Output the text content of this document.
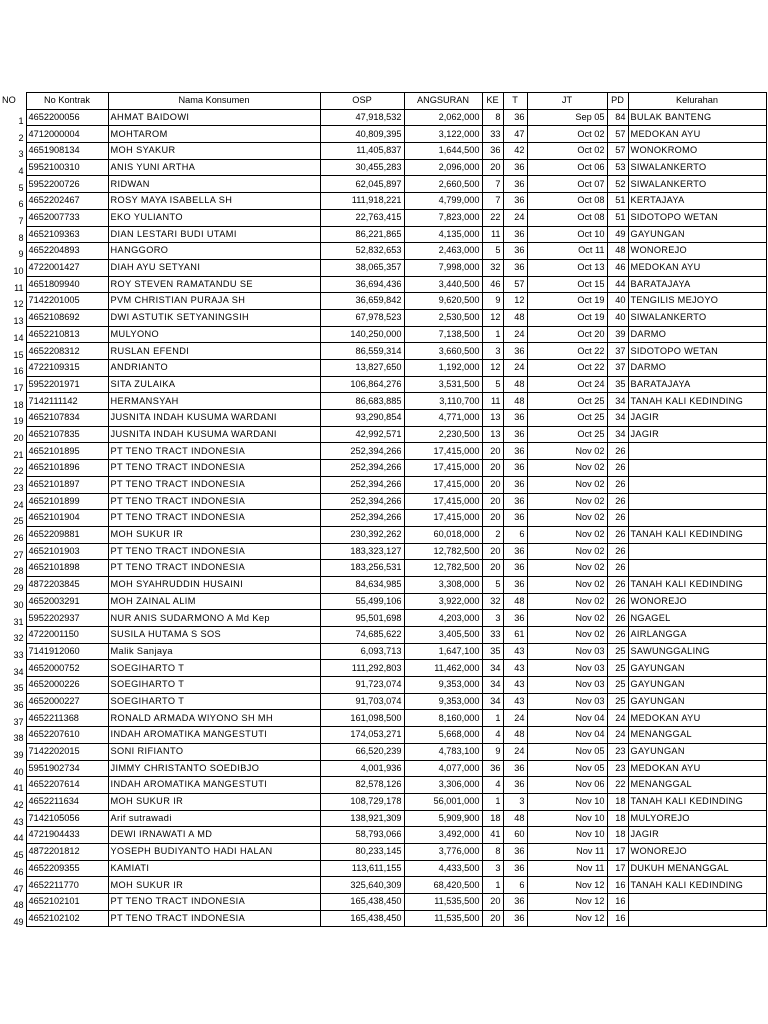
NO	No Kontrak	Nama Konsumen	OSP	ANGSURAN	KE	T	JT	PD	Kelurahan
1	4652200056	AHMAT BAIDOWI	47,918,532	2,062,000	8	36	Sep 05	84	BULAK BANTENG
2	4712000004	MOHTAROM	40,809,395	3,122,000	33	47	Oct 02	57	MEDOKAN AYU
3	4651908134	MOH SYAKUR	11,405,837	1,644,500	36	42	Oct 02	57	WONOKROMO
4	5952100310	ANIS YUNI ARTHA	30,455,283	2,096,000	20	36	Oct 06	53	SIWALANKERTO
5	5952200726	RIDWAN	62,045,897	2,660,500	7	36	Oct 07	52	SIWALANKERTO
6	4652202467	ROSY MAYA ISABELLA SH	111,918,221	4,799,000	7	36	Oct 08	51	KERTAJAYA
7	4652007733	EKO YULIANTO	22,763,415	7,823,000	22	24	Oct 08	51	SIDOTOPO WETAN
8	4652109363	DIAN LESTARI BUDI UTAMI	86,221,865	4,135,000	11	36	Oct 10	49	GAYUNGAN
9	4652204893	HANGGORO	52,832,653	2,463,000	5	36	Oct 11	48	WONOREJO
10	4722001427	DIAH AYU SETYANI	38,065,357	7,998,000	32	36	Oct 13	46	MEDOKAN AYU
11	4651809940	ROY STEVEN RAMATANDU SE	36,694,436	3,440,500	46	57	Oct 15	44	BARATAJAYA
12	7142201005	PVM CHRISTIAN PURAJA SH	36,659,842	9,620,500	9	12	Oct 19	40	TENGILIS MEJOYO
13	4652108692	DWI ASTUTIK SETYANINGSIH	67,978,523	2,530,500	12	48	Oct 19	40	SIWALANKERTO
14	4652210813	MULYONO	140,250,000	7,138,500	1	24	Oct 20	39	DARMO
15	4652208312	RUSLAN EFENDI	86,559,314	3,660,500	3	36	Oct 22	37	SIDOTOPO WETAN
16	4722109315	ANDRIANTO	13,827,650	1,192,000	12	24	Oct 22	37	DARMO
17	5952201971	SITA ZULAIKA	106,864,276	3,531,500	5	48	Oct 24	35	BARATAJAYA
18	7142111142	HERMANSYAH	86,683,885	3,110,700	11	48	Oct 25	34	TANAH KALI KEDINDING
19	4652107834	JUSNITA INDAH KUSUMA WARDANI	93,290,854	4,771,000	13	36	Oct 25	34	JAGIR
20	4652107835	JUSNITA INDAH KUSUMA WARDANI	42,992,571	2,230,500	13	36	Oct 25	34	JAGIR
21	4652101895	PT TENO TRACT INDONESIA	252,394,266	17,415,000	20	36	Nov 02	26	
22	4652101896	PT TENO TRACT INDONESIA	252,394,266	17,415,000	20	36	Nov 02	26	
23	4652101897	PT TENO TRACT INDONESIA	252,394,266	17,415,000	20	36	Nov 02	26	
24	4652101899	PT TENO TRACT INDONESIA	252,394,266	17,415,000	20	36	Nov 02	26	
25	4652101904	PT TENO TRACT INDONESIA	252,394,266	17,415,000	20	36	Nov 02	26	
26	4652209881	MOH SUKUR IR	230,392,262	60,018,000	2	6	Nov 02	26	TANAH KALI KEDINDING
27	4652101903	PT TENO TRACT INDONESIA	183,323,127	12,782,500	20	36	Nov 02	26	
28	4652101898	PT TENO TRACT INDONESIA	183,256,531	12,782,500	20	36	Nov 02	26	
29	4872203845	MOH SYAHRUDDIN HUSAINI	84,634,985	3,308,000	5	36	Nov 02	26	TANAH KALI KEDINDING
30	4652003291	MOH ZAINAL ALIM	55,499,106	3,922,000	32	48	Nov 02	26	WONOREJO
31	5952202937	NUR ANIS SUDARMONO A Md Kep	95,501,698	4,203,000	3	36	Nov 02	26	NGAGEL
32	4722001150	SUSILA HUTAMA S SOS	74,685,622	3,405,500	33	61	Nov 02	26	AIRLANGGA
33	7141912060	Malik Sanjaya	6,093,713	1,647,100	35	43	Nov 03	25	SAWUNGGALING
34	4652000752	SOEGIHARTO T	111,292,803	11,462,000	34	43	Nov 03	25	GAYUNGAN
35	4652000226	SOEGIHARTO T	91,723,074	9,353,000	34	43	Nov 03	25	GAYUNGAN
36	4652000227	SOEGIHARTO T	91,703,074	9,353,000	34	43	Nov 03	25	GAYUNGAN
37	4652211368	RONALD ARMADA WIYONO SH MH	161,098,500	8,160,000	1	24	Nov 04	24	MEDOKAN AYU
38	4652207610	INDAH AROMATIKA MANGESTUTI	174,053,271	5,668,000	4	48	Nov 04	24	MENANGGAL
39	7142202015	SONI RIFIANTO	66,520,239	4,783,100	9	24	Nov 05	23	GAYUNGAN
40	5951902734	JIMMY CHRISTANTO SOEDIBJO	4,001,936	4,077,000	36	36	Nov 05	23	MEDOKAN AYU
41	4652207614	INDAH AROMATIKA MANGESTUTI	82,578,126	3,306,000	4	36	Nov 06	22	MENANGGAL
42	4652211634	MOH SUKUR IR	108,729,178	56,001,000	1	3	Nov 10	18	TANAH KALI KEDINDING
43	7142105056	Arif sutrawadi	138,921,309	5,909,900	18	48	Nov 10	18	MULYOREJO
44	4721904433	DEWI IRNAWATI A MD	58,793,066	3,492,000	41	60	Nov 10	18	JAGIR
45	4872201812	YOSEPH BUDIYANTO HADI HALAN	80,233,145	3,776,000	8	36	Nov 11	17	WONOREJO
46	4652209355	KAMIATI	113,611,155	4,433,500	3	36	Nov 11	17	DUKUH MENANGGAL
47	4652211770	MOH SUKUR IR	325,640,309	68,420,500	1	6	Nov 12	16	TANAH KALI KEDINDING
48	4652102101	PT TENO TRACT INDONESIA	165,438,450	11,535,500	20	36	Nov 12	16	
49	4652102102	PT TENO TRACT INDONESIA	165,438,450	11,535,500	20	36	Nov 12	16	
